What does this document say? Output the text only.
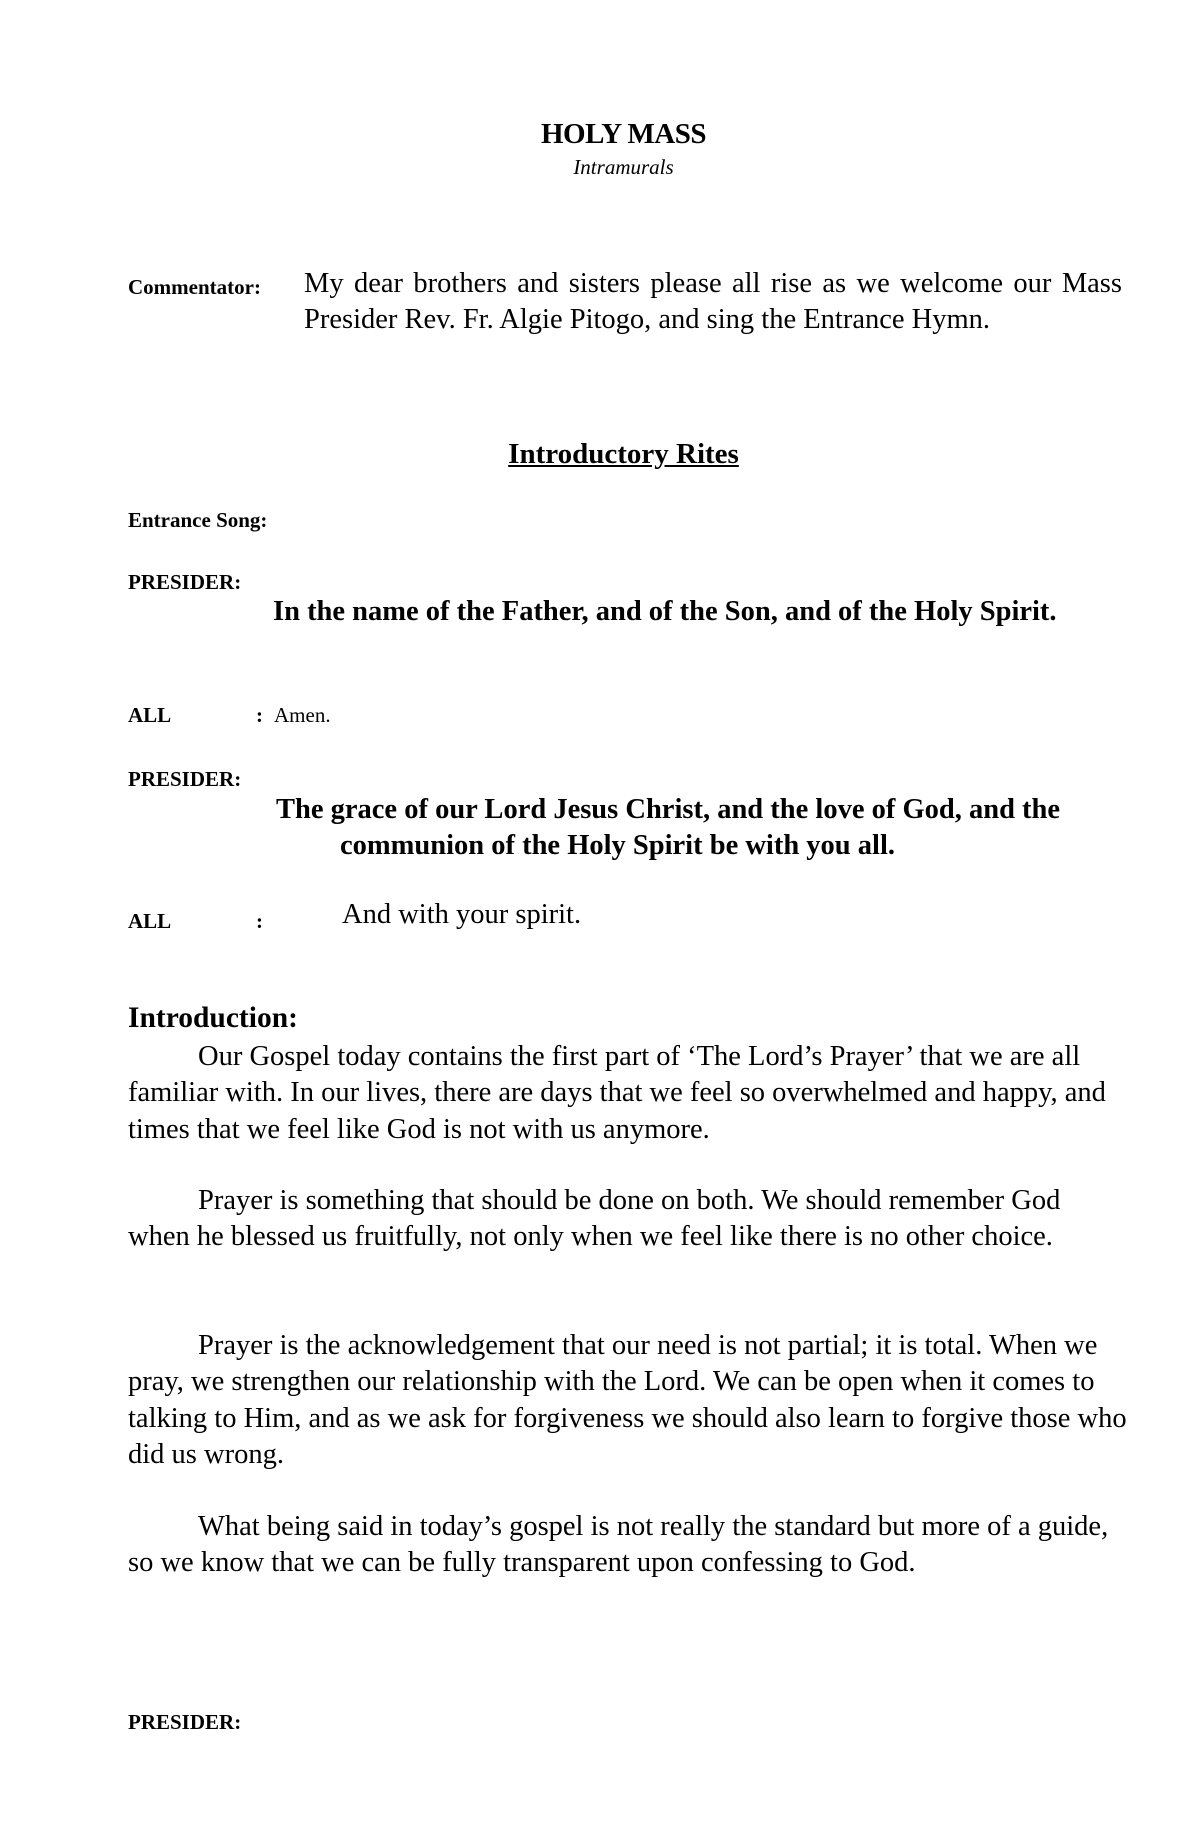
HOLY MASS
Intramurals
Commentator: My dear brothers and sisters please all rise as we welcome our Mass Presider Rev. Fr. Algie Pitogo, and sing the Entrance Hymn.
Introductory Rites
Entrance Song:
PRESIDER:
In the name of the Father, and of the Son, and of the Holy Spirit.
ALL	: Amen.
PRESIDER:
The grace of our Lord Jesus Christ, and the love of God, and the communion of the Holy Spirit be with you all.
ALL	:	And with your spirit.
Introduction:
Our Gospel today contains the first part of ‘The Lord’s Prayer’ that we are all familiar with. In our lives, there are days that we feel so overwhelmed and happy, and times that we feel like God is not with us anymore.
Prayer is something that should be done on both. We should remember God when he blessed us fruitfully, not only when we feel like there is no other choice.
Prayer is the acknowledgement that our need is not partial; it is total. When we pray, we strengthen our relationship with the Lord. We can be open when it comes to talking to Him, and as we ask for forgiveness we should also learn to forgive those who did us wrong.
What being said in today’s gospel is not really the standard but more of a guide, so we know that we can be fully transparent upon confessing to God.
PRESIDER:
